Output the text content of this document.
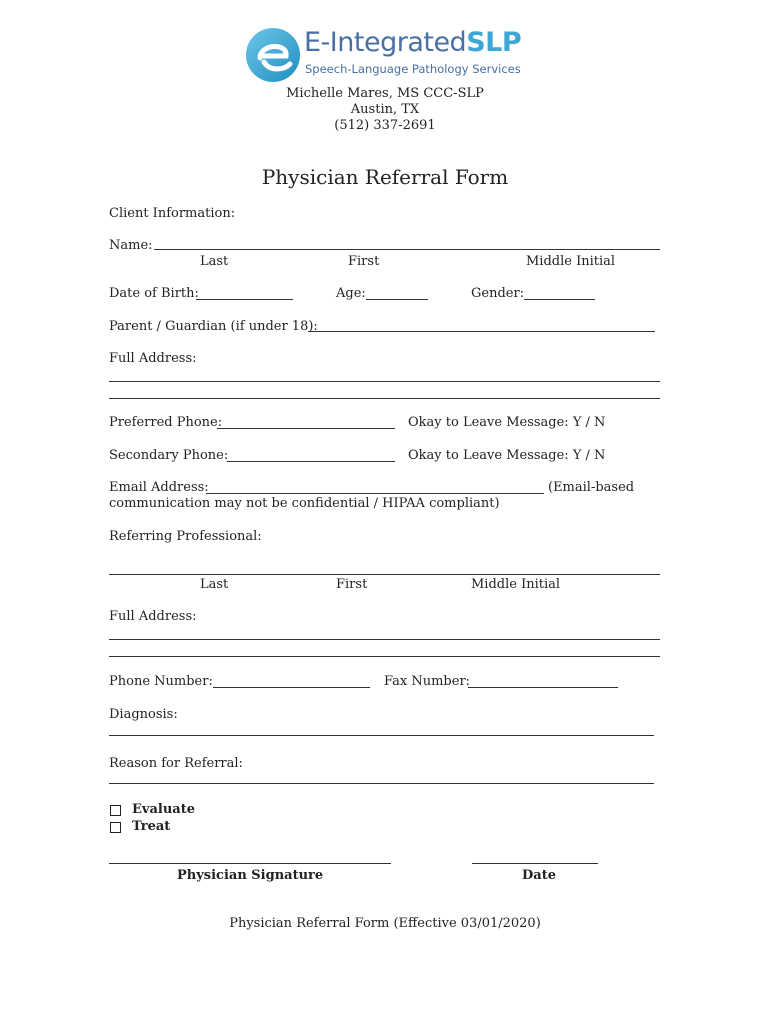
E-IntegratedSLP
Speech-Language Pathology Services
Michelle Mares, MS CCC-SLP
Austin, TX
(512) 337-2691
Physician Referral Form
Client Information:
Name:
Last	First	Middle Initial
Date of Birth:	Age:	Gender:
Parent / Guardian (if under 18):
Full Address:
Preferred Phone:	Okay to Leave Message: Y / N
Secondary Phone:	Okay to Leave Message: Y / N
Email Address:	(Email-based
communication may not be confidential / HIPAA compliant)
Referring Professional:
Last	First	Middle Initial
Full Address:
Phone Number:	Fax Number:
Diagnosis:
Reason for Referral:
Evaluate
Treat
Physician Signature	Date
Physician Referral Form (Effective 03/01/2020)
